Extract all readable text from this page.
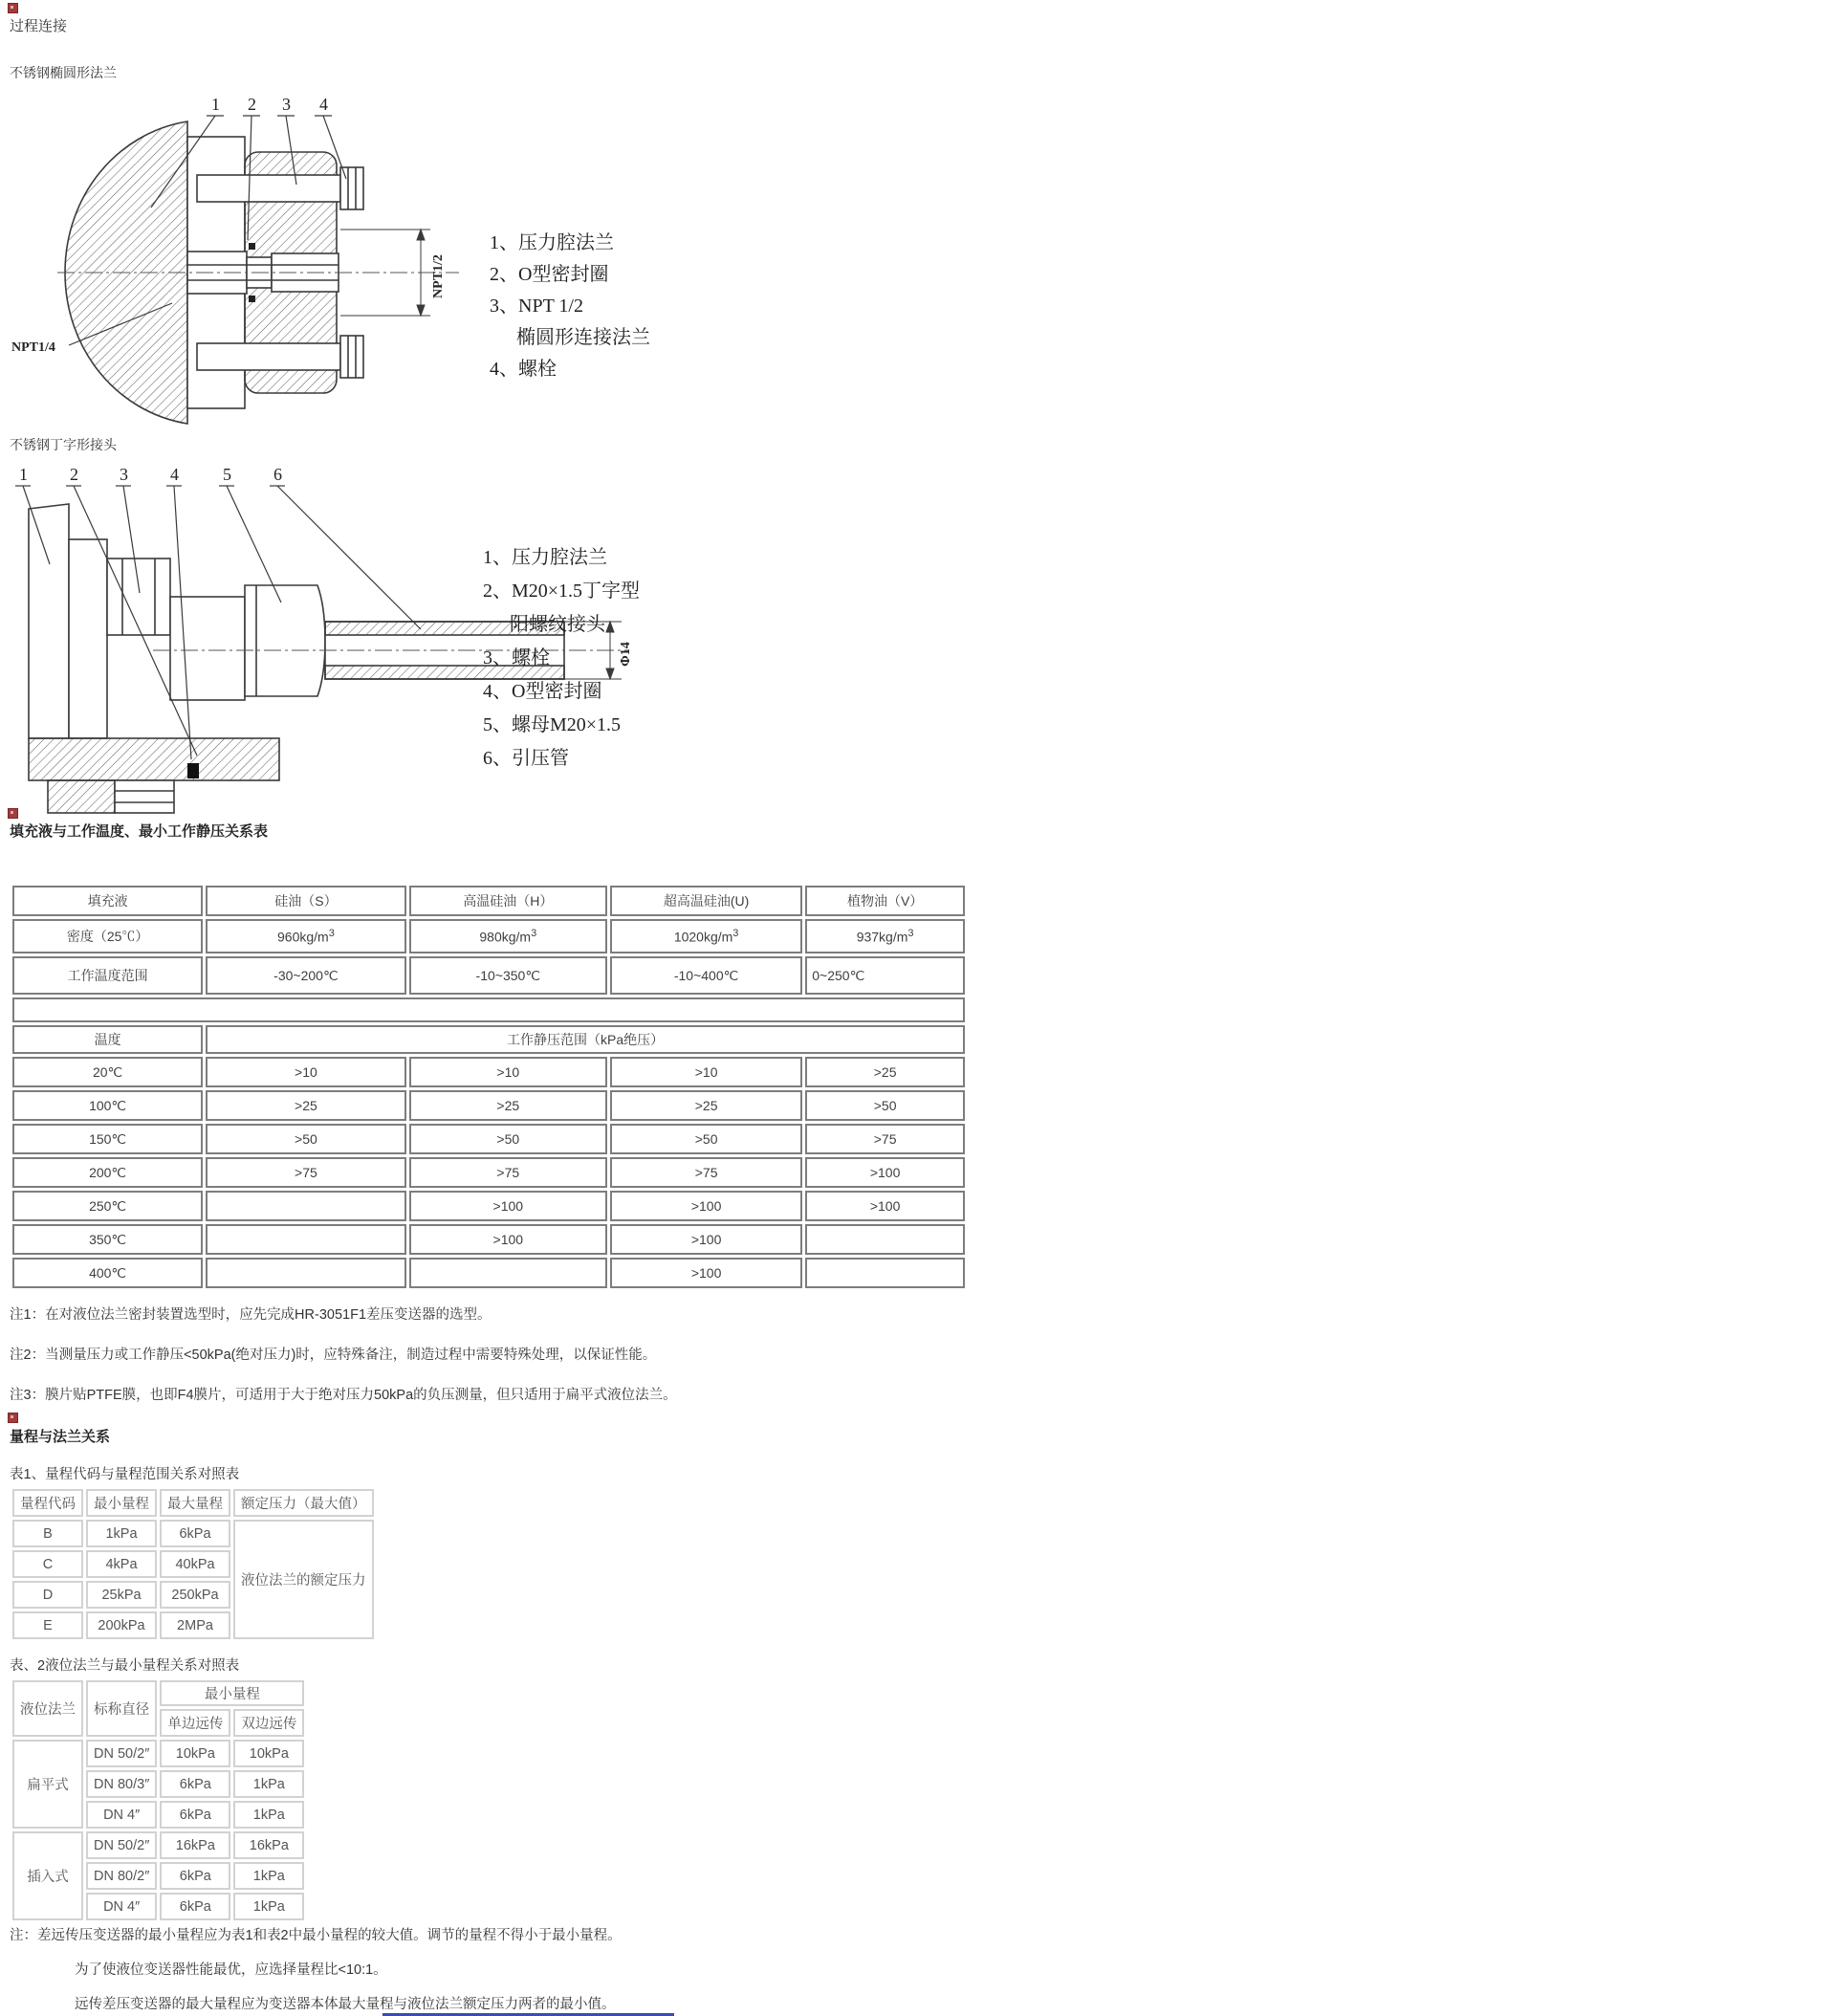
过程连接
不锈钢椭圆形法兰
NPT1/2
1 2 3 4
NPT1/4
1、压力腔法兰
2、O型密封圈
3、NPT 1/2
椭圆形连接法兰
4、螺栓
不锈钢丁字形接头
Φ14
1 2 3 4	5 6
1、压力腔法兰
2、M20×1.5丁字型
阳螺纹接头
3、螺栓
4、O型密封圈
5、螺母M20×1.5
6、引压管
填充液与工作温度、最小工作静压关系表
填充液	硅油（S）	高温硅油（H）	超高温硅油(U)	植物油（V）
密度（25℃）	$960kg/m^3$	$980kg/m^3$	$1020kg/m^3$	$937kg/m^3$
工作温度范围	-30~200℃	-10~350℃	-10~400℃	0~250℃

温度	工作静压范围（kPa绝压）			
20℃	>10	>10	>10	>25
100℃	>25	>25	>25	>50
150℃	>50	>50	>50	>75
200℃	>75	>75	>75	>100
250℃		>100	>100	>100
350℃		>100	>100	
400℃			>100	
注1：在对液位法兰密封装置选型时，应先完成HR-3051F1差压变送器的选型。
注2：当测量压力或工作静压<50kPa(绝对压力)时，应特殊备注，制造过程中需要特殊处理，以保证性能。
注3：膜片贴PTFE膜，也即F4膜片，可适用于大于绝对压力50kPa的负压测量，但只适用于扁平式液位法兰。
量程与法兰关系
表1、量程代码与量程范围关系对照表
量程代码	最小量程	最大量程	额定压力（最大值）
B	1kPa	6kPa	液位法兰的额定压力
C	4kPa	40kPa	
D	25kPa	250kPa	
E	200kPa	2MPa	
表、2液位法兰与最小量程关系对照表
液位法兰	标称直径	最小量程	
		单边远传	双边远传
扁平式	DN 50/2″	10kPa	10kPa
	DN 80/3″	6kPa	1kPa
	DN 4″	6kPa	1kPa
插入式	DN 50/2″	16kPa	16kPa
	DN 80/2″	6kPa	1kPa
	DN 4″	6kPa	1kPa
注：差远传压变送器的最小量程应为表1和表2中最小量程的较大值。调节的量程不得小于最小量程。
为了使液位变送器性能最优，应选择量程比<10:1。
远传差压变送器的最大量程应为变送器本体最大量程与液位法兰额定压力两者的最小值。
